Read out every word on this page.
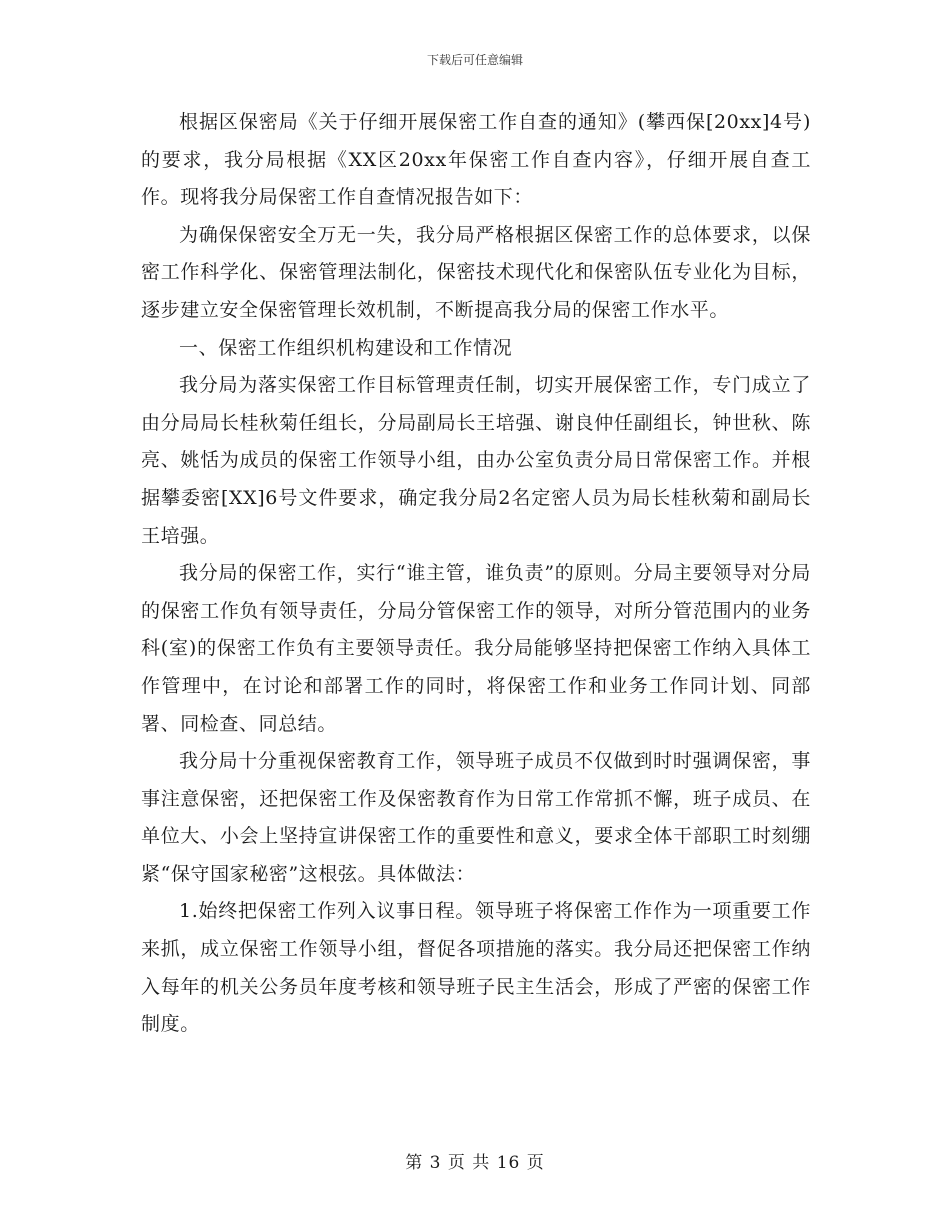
下载后可任意编辑

根据区保密局《关于仔细开展保密工作自查的通知》(攀西保[20xx]4号)的要求，我分局根据《XX区20xx年保密工作自查内容》，仔细开展自查工作。现将我分局保密工作自查情况报告如下：

为确保保密安全万无一失，我分局严格根据区保密工作的总体要求，以保密工作科学化、保密管理法制化，保密技术现代化和保密队伍专业化为目标，逐步建立安全保密管理长效机制，不断提高我分局的保密工作水平。

一、保密工作组织机构建设和工作情况

我分局为落实保密工作目标管理责任制，切实开展保密工作，专门成立了由分局局长桂秋菊任组长，分局副局长王培强、谢良仲任副组长，钟世秋、陈亮、姚恬为成员的保密工作领导小组，由办公室负责分局日常保密工作。并根据攀委密[XX]6号文件要求，确定我分局2名定密人员为局长桂秋菊和副局长王培强。

我分局的保密工作，实行“谁主管，谁负责”的原则。分局主要领导对分局的保密工作负有领导责任，分局分管保密工作的领导，对所分管范围内的业务科(室)的保密工作负有主要领导责任。我分局能够坚持把保密工作纳入具体工作管理中，在讨论和部署工作的同时，将保密工作和业务工作同计划、同部署、同检查、同总结。

我分局十分重视保密教育工作，领导班子成员不仅做到时时强调保密，事事注意保密，还把保密工作及保密教育作为日常工作常抓不懈，班子成员、在单位大、小会上坚持宣讲保密工作的重要性和意义，要求全体干部职工时刻绷紧“保守国家秘密”这根弦。具体做法：

1.始终把保密工作列入议事日程。领导班子将保密工作作为一项重要工作来抓，成立保密工作领导小组，督促各项措施的落实。我分局还把保密工作纳入每年的机关公务员年度考核和领导班子民主生活会，形成了严密的保密工作制度。

第 3 页 共 16 页
